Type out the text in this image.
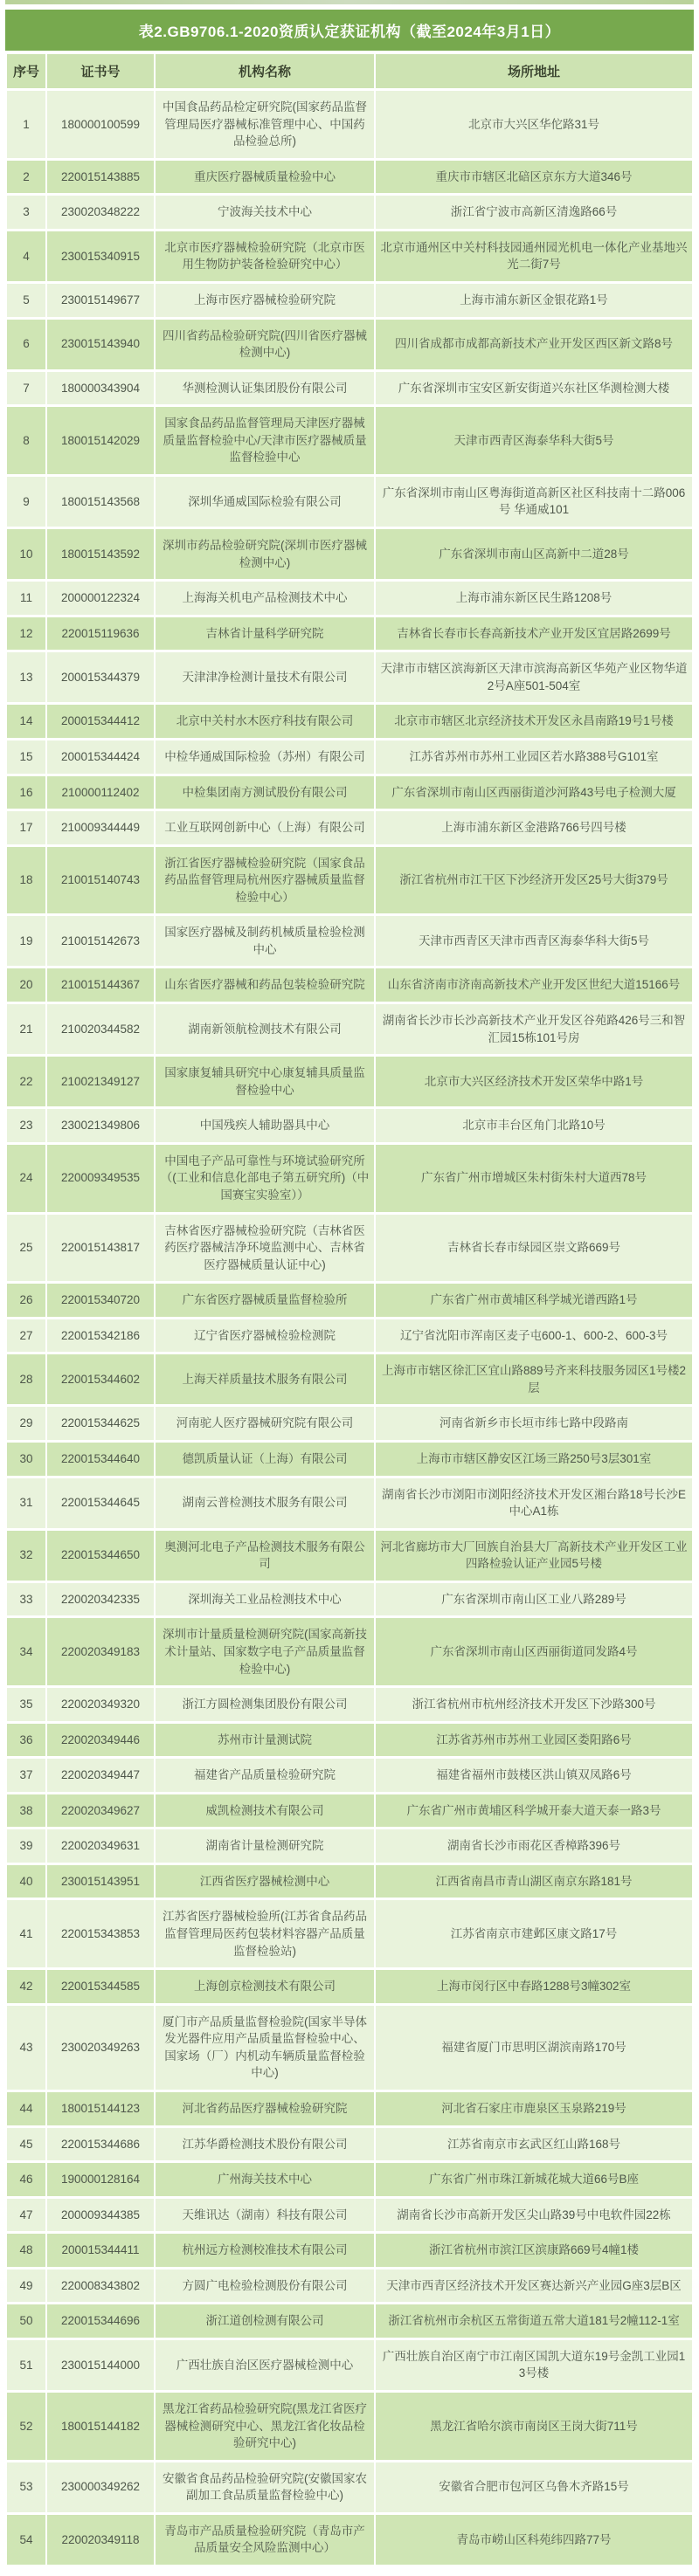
表2.GB9706.1-2020资质认定获证机构（截至2024年3月1日）
序号	证书号	机构名称	场所地址
1	180000100599	中国食品药品检定研究院(国家药品监督管理局医疗器械标准管理中心、中国药品检验总所)	北京市大兴区华佗路31号
2	220015143885	重庆医疗器械质量检验中心	重庆市市辖区北碚区京东方大道346号
3	230020348222	宁波海关技术中心	浙江省宁波市高新区清逸路66号
4	230015340915	北京市医疗器械检验研究院（北京市医用生物防护装备检验研究中心）	北京市通州区中关村科技园通州园光机电一体化产业基地兴光二街7号
5	230015149677	上海市医疗器械检验研究院	上海市浦东新区金银花路1号
6	230015143940	四川省药品检验研究院(四川省医疗器械检测中心)	四川省成都市成都高新技术产业开发区西区新文路8号
7	180000343904	华测检测认证集团股份有限公司	广东省深圳市宝安区新安街道兴东社区华测检测大楼
8	180015142029	国家食品药品监督管理局天津医疗器械质量监督检验中心/天津市医疗器械质量监督检验中心	天津市西青区海泰华科大街5号
9	180015143568	深圳华通威国际检验有限公司	广东省深圳市南山区粤海街道高新区社区科技南十二路006号 华通威101
10	180015143592	深圳市药品检验研究院(深圳市医疗器械检测中心)	广东省深圳市南山区高新中二道28号
11	200000122324	上海海关机电产品检测技术中心	上海市浦东新区民生路1208号
12	220015119636	吉林省计量科学研究院	吉林省长春市长春高新技术产业开发区宜居路2699号
13	200015344379	天津津净检测计量技术有限公司	天津市市辖区滨海新区天津市滨海高新区华苑产业区物华道2号A座501-504室
14	200015344412	北京中关村水木医疗科技有限公司	北京市市辖区北京经济技术开发区永昌南路19号1号楼
15	200015344424	中检华通威国际检验（苏州）有限公司	江苏省苏州市苏州工业园区若水路388号G101室
16	210000112402	中检集团南方测试股份有限公司	广东省深圳市南山区西丽街道沙河路43号电子检测大厦
17	210009344449	工业互联网创新中心（上海）有限公司	上海市浦东新区金港路766号四号楼
18	210015140743	浙江省医疗器械检验研究院（国家食品药品监督管理局杭州医疗器械质量监督检验中心）	浙江省杭州市江干区下沙经济开发区25号大街379号
19	210015142673	国家医疗器械及制药机械质量检验检测中心	天津市西青区天津市西青区海泰华科大街5号
20	210015144367	山东省医疗器械和药品包装检验研究院	山东省济南市济南高新技术产业开发区世纪大道15166号
21	210020344582	湖南新领航检测技术有限公司	湖南省长沙市长沙高新技术产业开发区谷苑路426号三和智汇园15栋101号房
22	210021349127	国家康复辅具研究中心康复辅具质量监督检验中心	北京市大兴区经济技术开发区荣华中路1号
23	230021349806	中国残疾人辅助器具中心	北京市丰台区角门北路10号
24	220009349535	中国电子产品可靠性与环境试验研究所（(工业和信息化部电子第五研究所)（中国赛宝实验室））	广东省广州市增城区朱村街朱村大道西78号
25	220015143817	吉林省医疗器械检验研究院（吉林省医药医疗器械洁净环境监测中心、吉林省医疗器械质量认证中心)	吉林省长春市绿园区崇文路669号
26	220015340720	广东省医疗器械质量监督检验所	广东省广州市黄埔区科学城光谱西路1号
27	220015342186	辽宁省医疗器械检验检测院	辽宁省沈阳市浑南区麦子屯600-1、600-2、600-3号
28	220015344602	上海天祥质量技术服务有限公司	上海市市辖区徐汇区宜山路889号齐来科技服务园区1号楼2层
29	220015344625	河南驼人医疗器械研究院有限公司	河南省新乡市长垣市纬七路中段路南
30	220015344640	德凯质量认证（上海）有限公司	上海市市辖区静安区江场三路250号3层301室
31	220015344645	湖南云普检测技术服务有限公司	湖南省长沙市浏阳市浏阳经济技术开发区湘台路18号长沙E中心A1栋
32	220015344650	奥测河北电子产品检测技术服务有限公司	河北省廊坊市大厂回族自治县大厂高新技术产业开发区工业四路检验认证产业园5号楼
33	220020342335	深圳海关工业品检测技术中心	广东省深圳市南山区工业八路289号
34	220020349183	深圳市计量质量检测研究院(国家高新技术计量站、国家数字电子产品质量监督检验中心)	广东省深圳市南山区西丽街道同发路4号
35	220020349320	浙江方圆检测集团股份有限公司	浙江省杭州市杭州经济技术开发区下沙路300号
36	220020349446	苏州市计量测试院	江苏省苏州市苏州工业园区娄阳路6号
37	220020349447	福建省产品质量检验研究院	福建省福州市鼓楼区洪山镇双凤路6号
38	220020349627	威凯检测技术有限公司	广东省广州市黄埔区科学城开泰大道天泰一路3号
39	220020349631	湖南省计量检测研究院	湖南省长沙市雨花区香樟路396号
40	230015143951	江西省医疗器械检测中心	江西省南昌市青山湖区南京东路181号
41	220015343853	江苏省医疗器械检验所(江苏省食品药品监督管理局医药包装材料容器产品质量监督检验站)	江苏省南京市建邺区康文路17号
42	220015344585	上海创京检测技术有限公司	上海市闵行区中春路1288号3幢302室
43	230020349263	厦门市产品质量监督检验院(国家半导体发光器件应用产品质量监督检验中心、国家场（厂）内机动车辆质量监督检验中心)	福建省厦门市思明区湖滨南路170号
44	180015144123	河北省药品医疗器械检验研究院	河北省石家庄市鹿泉区玉泉路219号
45	220015344686	江苏华爵检测技术股份有限公司	江苏省南京市玄武区红山路168号
46	190000128164	广州海关技术中心	广东省广州市珠江新城花城大道66号B座
47	200009344385	天维讯达（湖南）科技有限公司	湖南省长沙市高新开发区尖山路39号中电软件园22栋
48	200015344411	杭州远方检测校准技术有限公司	浙江省杭州市滨江区滨康路669号4幢1楼
49	220008343802	方圆广电检验检测股份有限公司	天津市西青区经济技术开发区赛达新兴产业园G座3层B区
50	220015344696	浙江道创检测有限公司	浙江省杭州市余杭区五常街道五常大道181号2幢112-1室
51	230015144000	广西壮族自治区医疗器械检测中心	广西壮族自治区南宁市江南区国凯大道东19号金凯工业园13号楼
52	180015144182	黑龙江省药品检验研究院(黑龙江省医疗器械检测研究中心、黑龙江省化妆品检验研究中心)	黑龙江省哈尔滨市南岗区王岗大街711号
53	230000349262	安徽省食品药品检验研究院(安徽国家农副加工食品质量监督检验中心)	安徽省合肥市包河区乌鲁木齐路15号
54	220020349118	青岛市产品质量检验研究院（青岛市产品质量安全风险监测中心）	青岛市崂山区科苑纬四路77号
